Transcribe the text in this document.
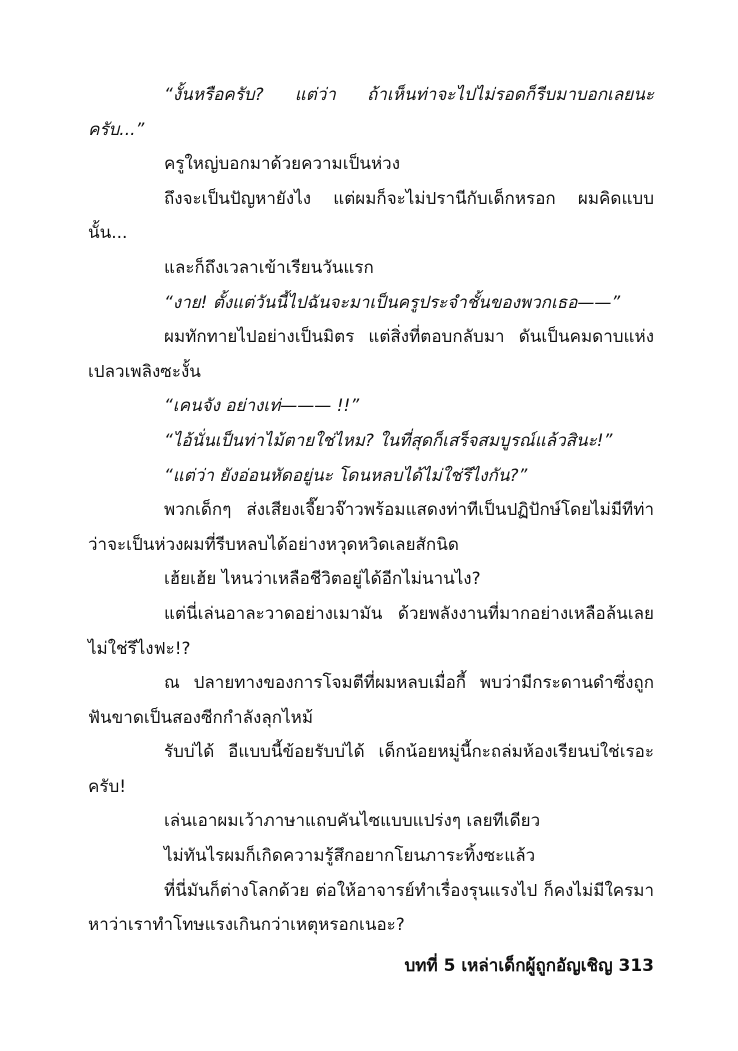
“งั้นหรือครับ? แต่ว่า ถ้าเห็นท่าจะไปไม่รอดก็รีบมาบอกเลยนะครับ...”

ครูใหญ่บอกมาด้วยความเป็นห่วง

ถึงจะเป็นปัญหายังไง แต่ผมก็จะไม่ปรานีกับเด็กหรอก ผมคิดแบบนั้น...

และก็ถึงเวลาเข้าเรียนวันแรก

“งาย! ตั้งแต่วันนี้ไปฉันจะมาเป็นครูประจำชั้นของพวกเธอ——”

ผมทักทายไปอย่างเป็นมิตร แต่สิ่งที่ตอบกลับมา ดันเป็นคมดาบแห่งเปลวเพลิงซะงั้น

“เคนจัง อย่างเท่——— !!”

“ไอ้นั่นเป็นท่าไม้ตายใช่ไหม? ในที่สุดก็เสร็จสมบูรณ์แล้วสินะ!”

“แต่ว่า ยังอ่อนหัดอยู่นะ โดนหลบได้ไม่ใช่รึไงกัน?”

พวกเด็กๆ ส่งเสียงเจี๊ยวจ๊าวพร้อมแสดงท่าทีเป็นปฏิปักษ์โดยไม่มีทีท่าว่าจะเป็นห่วงผมที่รีบหลบได้อย่างหวุดหวิดเลยสักนิด

เฮ้ยเฮ้ย ไหนว่าเหลือชีวิตอยู่ได้อีกไม่นานไง?

แต่นี่เล่นอาละวาดอย่างเมามัน ด้วยพลังงานที่มากอย่างเหลือล้นเลยไม่ใช่รึไงฟะ!?

ณ ปลายทางของการโจมตีที่ผมหลบเมื่อกี้ พบว่ามีกระดานดำซึ่งถูกฟันขาดเป็นสองซีกกำลังลุกไหม้

รับบ่ได้ อีแบบนี้ข้อยรับบ่ได้ เด็กน้อยหมู่นี้กะถล่มห้องเรียนบ่ใช่เรอะครับ!

เล่นเอาผมเว้าภาษาแถบคันไซแบบแปร่งๆ เลยทีเดียว

ไม่ทันไรผมก็เกิดความรู้สึกอยากโยนภาระทิ้งซะแล้ว

ที่นี่มันก็ต่างโลกด้วย ต่อให้อาจารย์ทำเรื่องรุนแรงไป ก็คงไม่มีใครมาหาว่าเราทำโทษแรงเกินกว่าเหตุหรอกเนอะ?

บทที่ 5 เหล่าเด็กผู้ถูกอัญเชิญ 313
